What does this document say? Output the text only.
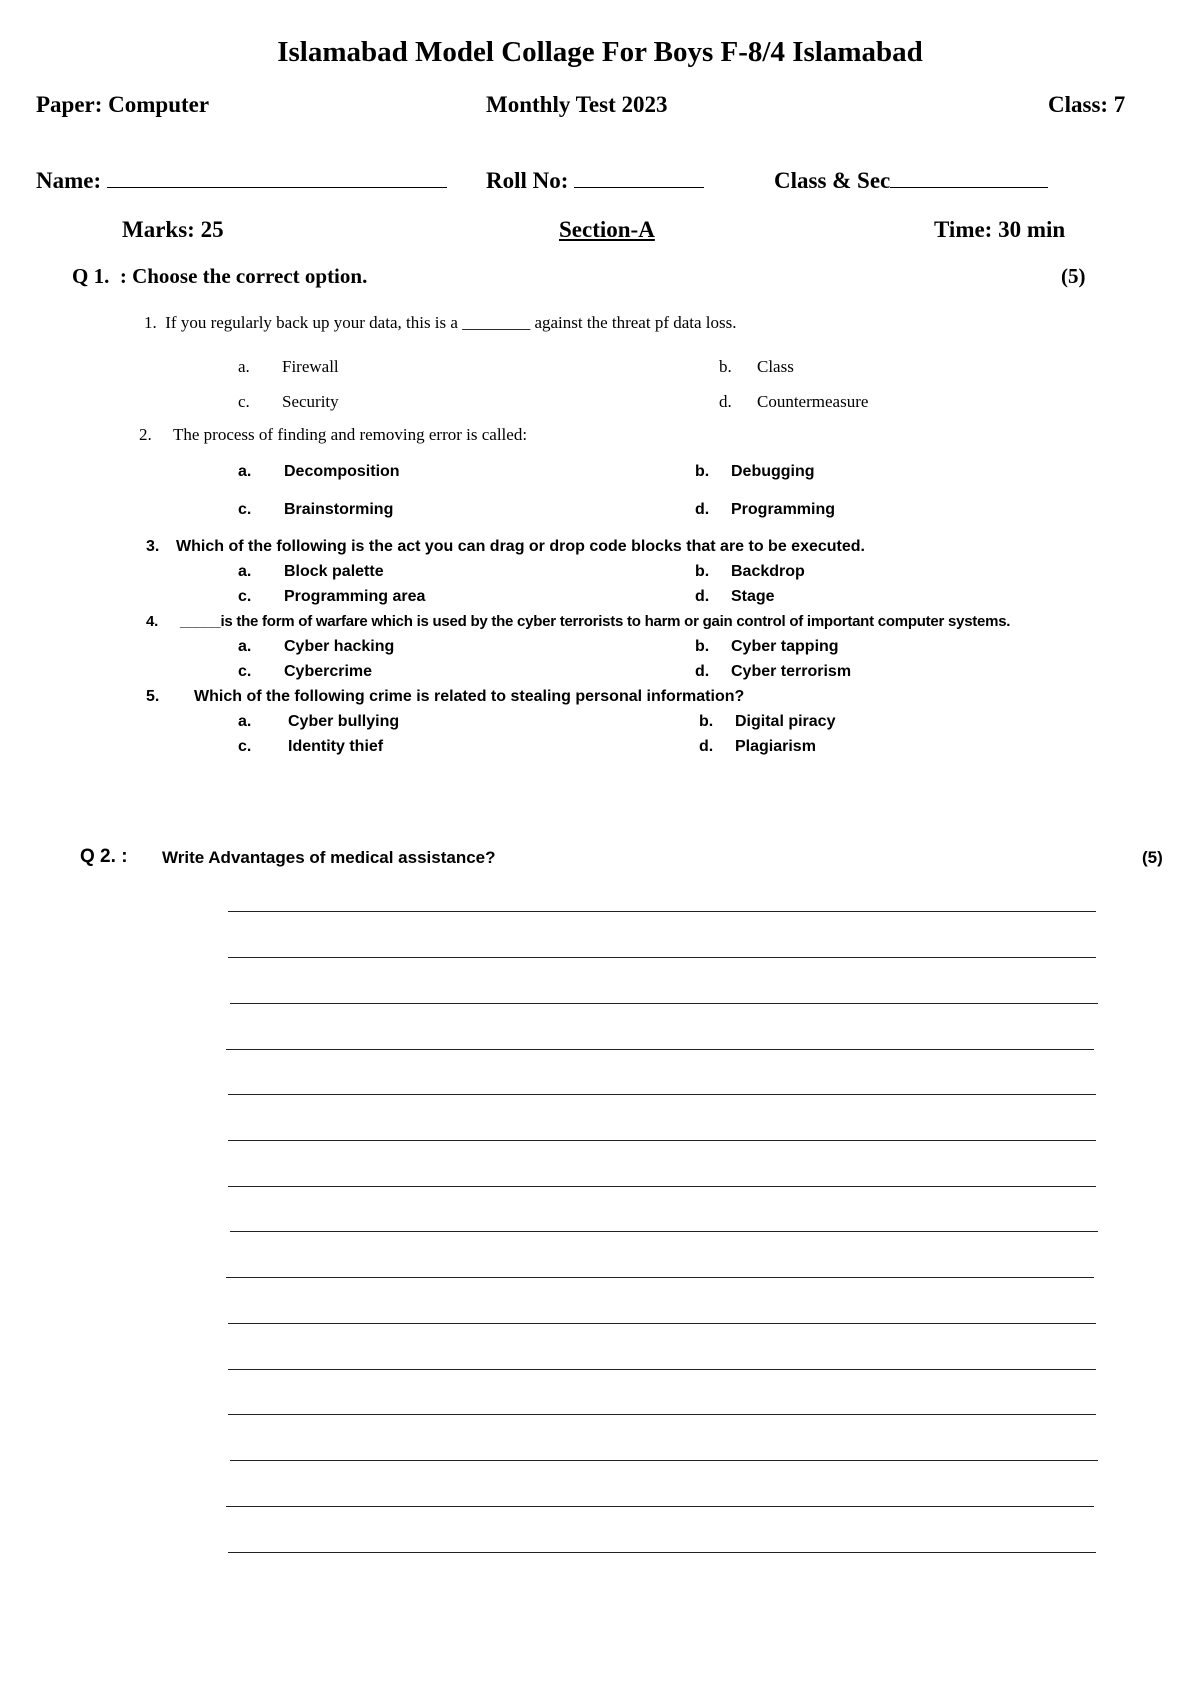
Islamabad Model Collage For Boys F-8/4 Islamabad
Paper: Computer	Monthly Test 2023	Class: 7
Name:	Roll No:	Class & Sec
Marks: 25	Section-A	Time: 30 min
Q 1. : Choose the correct option.	(5)
1. If you regularly back up your data, this is a ________ against the threat pf data loss.
a. Firewall	b. Class
c. Security	d. Countermeasure
2. The process of finding and removing error is called:
a. Decomposition	b. Debugging
c. Brainstorming	d. Programming
3. Which of the following is the act you can drag or drop code blocks that are to be executed.
a. Block palette	b. Backdrop
c. Programming area	d. Stage
4. _____is the form of warfare which is used by the cyber terrorists to harm or gain control of important computer systems.
a. Cyber hacking	b. Cyber tapping
c. Cybercrime	d. Cyber terrorism
5. Which of the following crime is related to stealing personal information?
a. Cyber bullying	b. Digital piracy
c. Identity thief	d. Plagiarism
Q 2. : Write Advantages of medical assistance?	(5)
